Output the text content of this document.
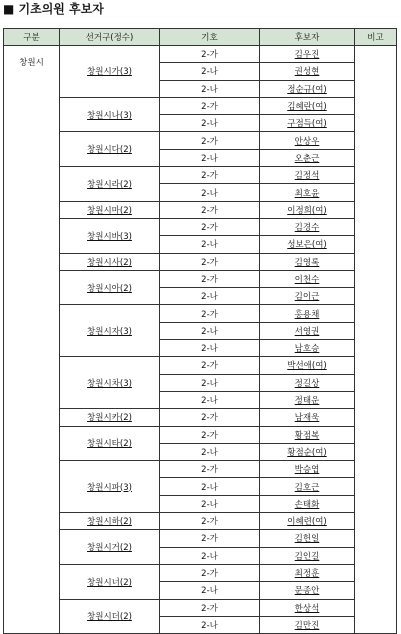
■ 기초의원 후보자
구분	선거구(정수)	기호	후보자	비고
창원시	창원시가(3)	2-가	김우진	
		2-나	권성현	
		2-나	정순규(여)	
	창원시나(3)	2-가	김혜란(여)	
		2-나	구점득(여)	
	창원시다(2)	2-가	안상우	
		2-나	오춘근	
	창원시라(2)	2-가	김정석	
		2-나	최호윤	
	창원시마(2)	2-가	이정희(여)	
	창원시바(3)	2-가	김경수	
		2-나	성보은(여)	
	창원시사(2)	2-가	김영록	
	창원시아(2)	2-가	이천수	
		2-나	김이근	
	창원시자(3)	2-가	홍용채	
		2-나	서영권	
		2-나	남호승	
	창원시차(3)	2-가	박선애(여)	
		2-나	정길상	
		2-나	정태운	
	창원시카(2)	2-가	남재욱	
	창원시타(2)	2-가	황점복	
		2-나	황점순(여)	
	창원시파(3)	2-가	박승엽	
		2-나	김호근	
		2-나	손태화	
	창원시하(2)	2-가	이혜련(여)	
	창원시거(2)	2-가	김헌일	
		2-나	김인길	
	창원시너(2)	2-가	최정훈	
		2-나	문종안	
	창원시더(2)	2-가	한상석	
		2-나	김만진	
